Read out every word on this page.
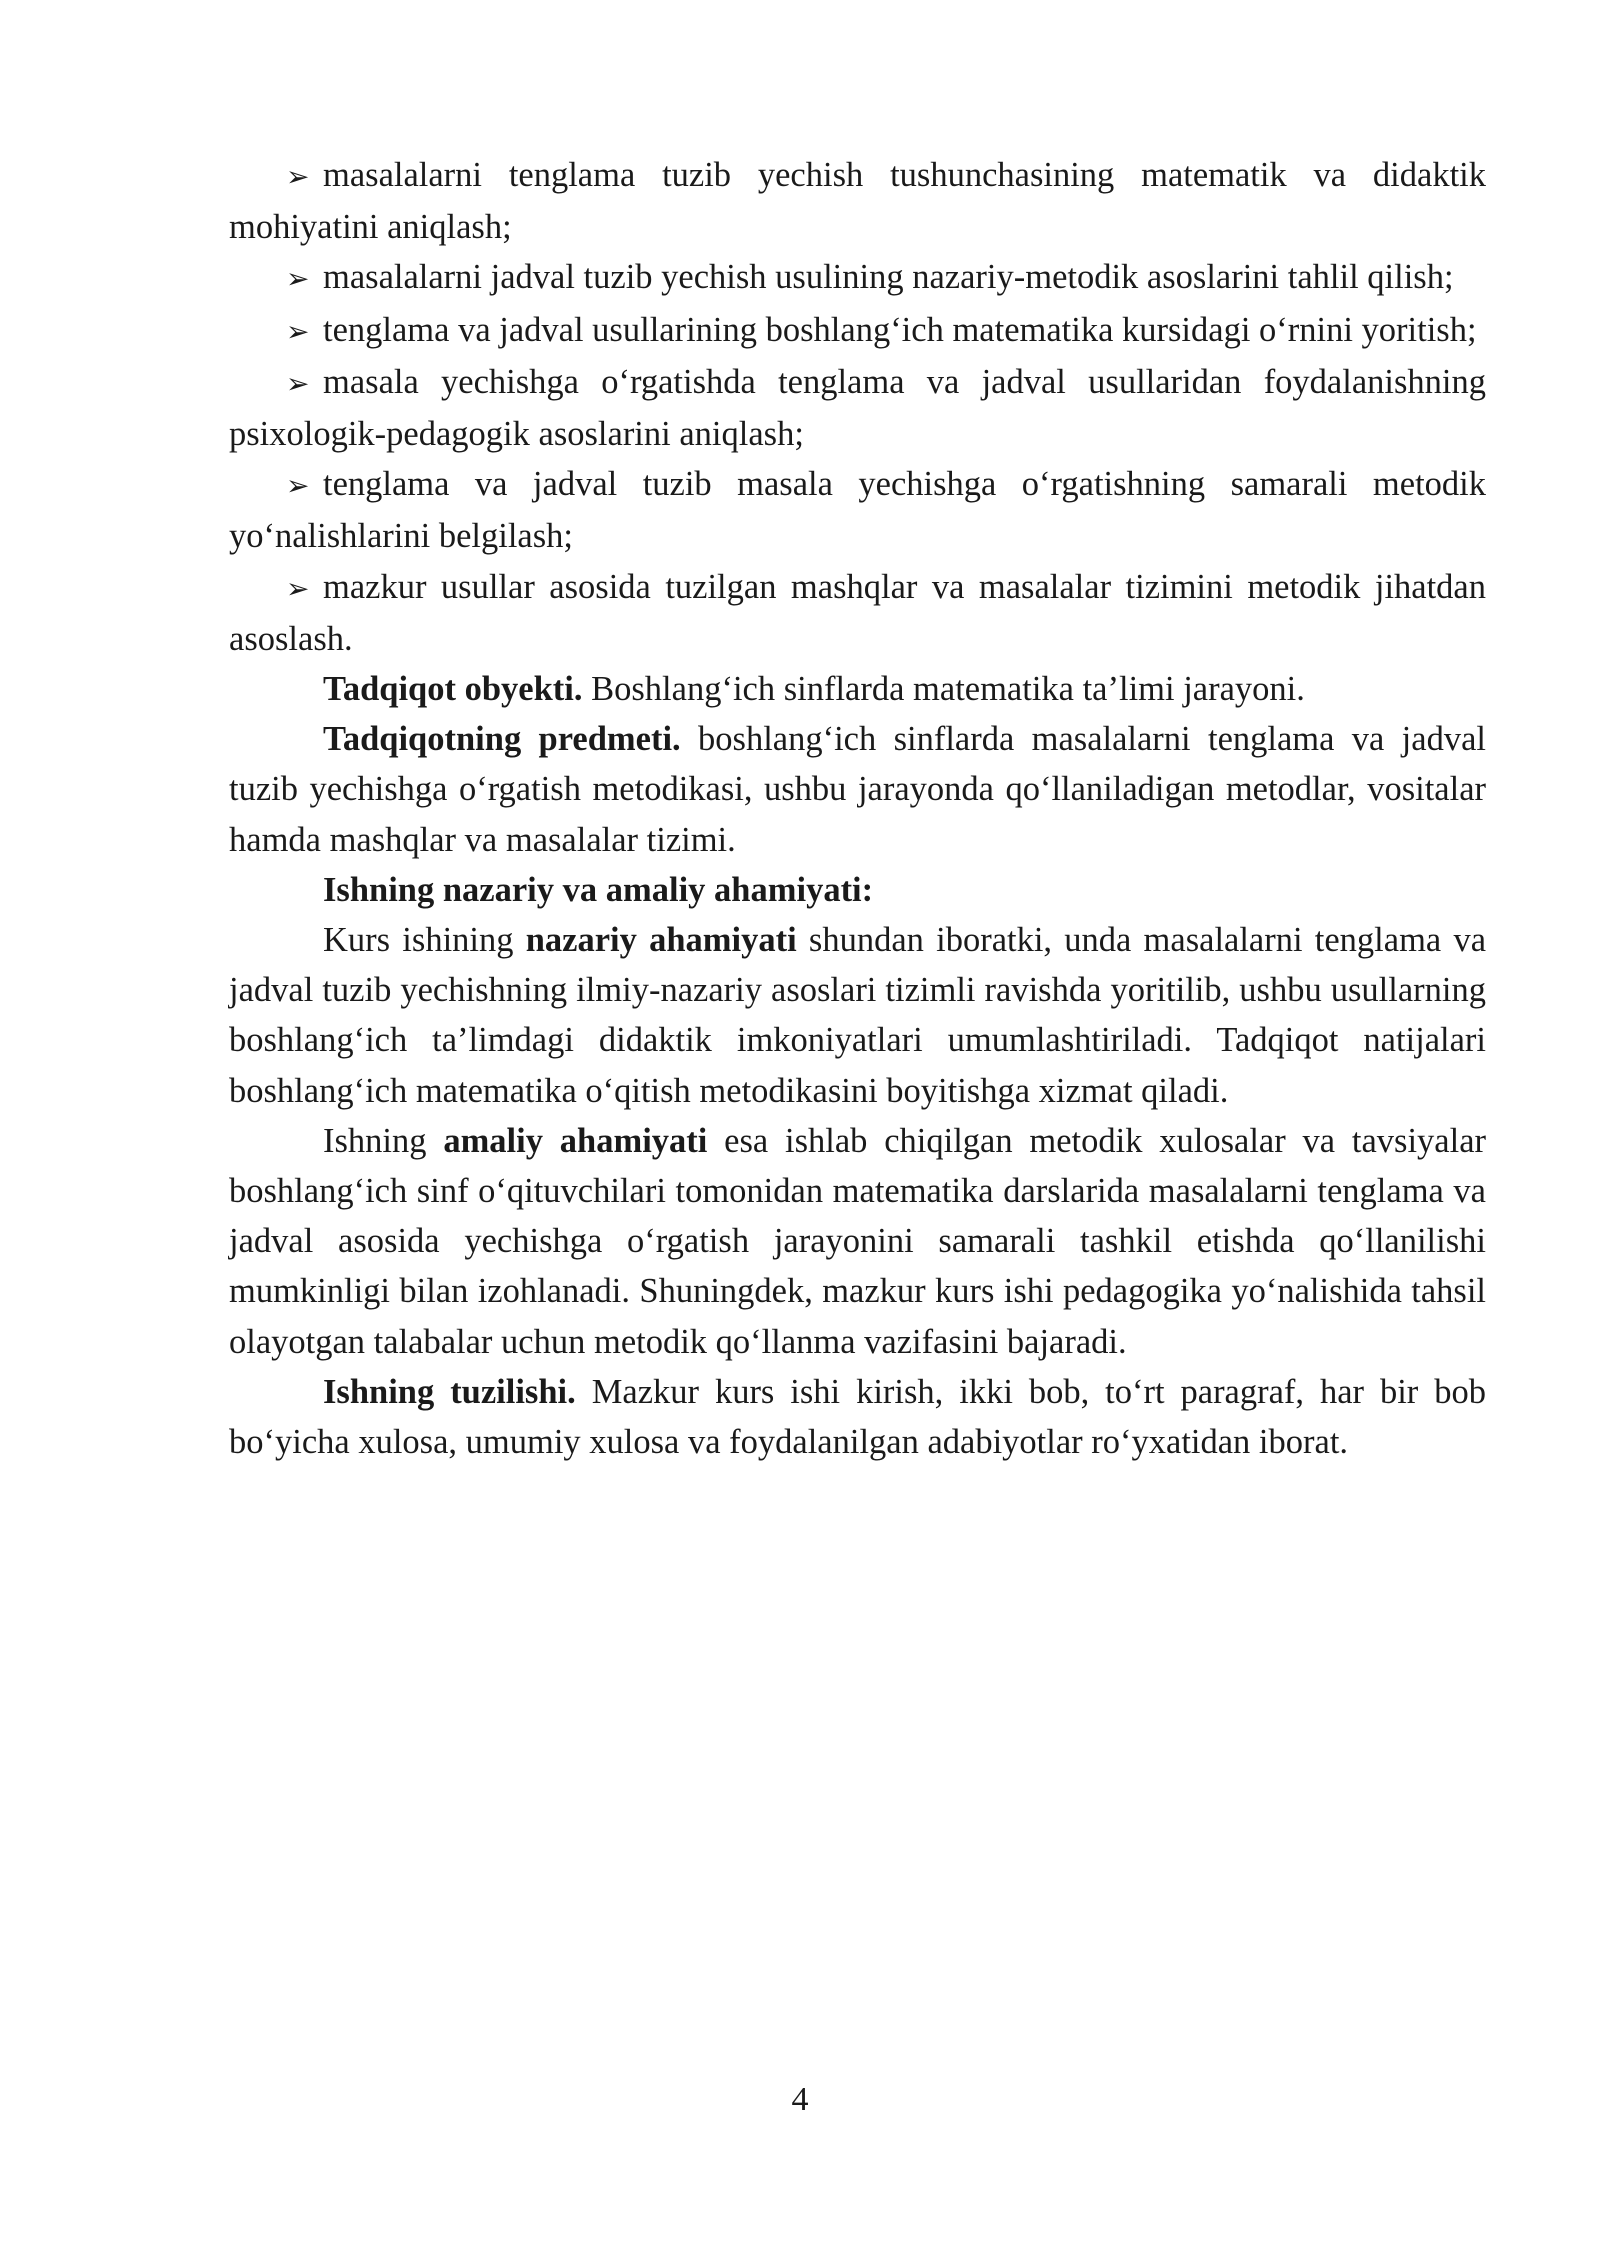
➢ masalalarni tenglama tuzib yechish tushunchasining matematik va didaktik mohiyatini aniqlash;

➢ masalalarni jadval tuzib yechish usulining nazariy-metodik asoslarini tahlil qilish;

➢ tenglama va jadval usullarining boshlang‘ich matematika kursidagi o‘rnini yoritish;

➢ masala yechishga o‘rgatishda tenglama va jadval usullaridan foydalanishning psixologik-pedagogik asoslarini aniqlash;

➢ tenglama va jadval tuzib masala yechishga o‘rgatishning samarali metodik yo‘nalishlarini belgilash;

➢ mazkur usullar asosida tuzilgan mashqlar va masalalar tizimini metodik jihatdan asoslash.

Tadqiqot obyekti. Boshlang‘ich sinflarda matematika ta’limi jarayoni.

Tadqiqotning predmeti. boshlang‘ich sinflarda masalalarni tenglama va jadval tuzib yechishga o‘rgatish metodikasi, ushbu jarayonda qo‘llaniladigan metodlar, vositalar hamda mashqlar va masalalar tizimi.

Ishning nazariy va amaliy ahamiyati:

Kurs ishining nazariy ahamiyati shundan iboratki, unda masalalarni tenglama va jadval tuzib yechishning ilmiy-nazariy asoslari tizimli ravishda yoritilib, ushbu usullarning boshlang‘ich ta’limdagi didaktik imkoniyatlari umumlashtiriladi. Tadqiqot natijalari boshlang‘ich matematika o‘qitish metodikasini boyitishga xizmat qiladi.

Ishning amaliy ahamiyati esa ishlab chiqilgan metodik xulosalar va tavsiyalar boshlang‘ich sinf o‘qituvchilari tomonidan matematika darslarida masalalarni tenglama va jadval asosida yechishga o‘rgatish jarayonini samarali tashkil etishda qo‘llanilishi mumkinligi bilan izohlanadi. Shuningdek, mazkur kurs ishi pedagogika yo‘nalishida tahsil olayotgan talabalar uchun metodik qo‘llanma vazifasini bajaradi.

Ishning tuzilishi. Mazkur kurs ishi kirish, ikki bob, to‘rt paragraf, har bir bob bo‘yicha xulosa, umumiy xulosa va foydalanilgan adabiyotlar ro‘yxatidan iborat.

4
